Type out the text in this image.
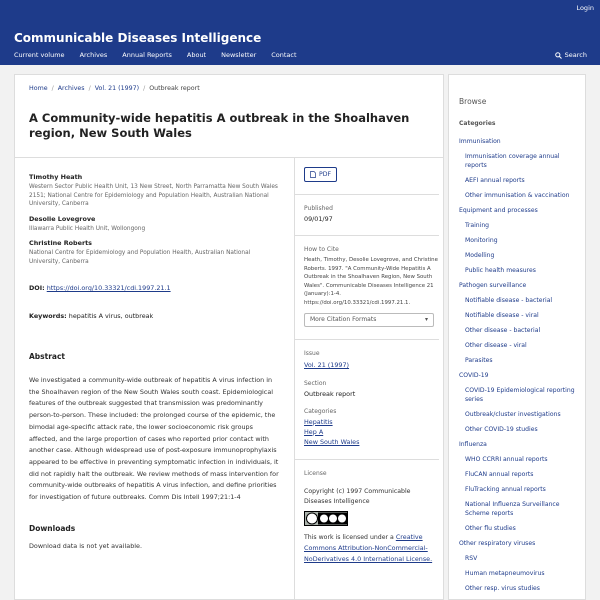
Login
Communicable Diseases Intelligence
Current volume Archives Annual Reports About Newsletter Contact	Search
Home / Archives / Vol. 21 (1997) / Outbreak report
A Community-wide hepatitis A outbreak in the Shoalhaven region, New South Wales
Timothy Heath
Western Sector Public Health Unit, 13 New Street, North Parramatta New South Wales 2151; National Centre for Epidemiology and Population Health, Australian National University, Canberra
Desolie Lovegrove
Illawarra Public Health Unit, Wollongong
Christine Roberts
National Centre for Epidemiology and Population Health, Australian National University, Canberra
DOI: https://doi.org/10.33321/cdi.1997.21.1
Keywords: hepatitis A virus, outbreak
Abstract

We investigated a community-wide outbreak of hepatitis A virus infection in the Shoalhaven region of the New South Wales south coast. Epidemiological features of the outbreak suggested that transmission was predominantly person-to-person. These included: the prolonged course of the epidemic, the bimodal age-specific attack rate, the lower socioeconomic risk groups affected, and the large proportion of cases who reported prior contact with another case. Although widespread use of post-exposure immunoprophylaxis appeared to be effective in preventing symptomatic infection in individuals, it did not rapidly halt the outbreak. We review methods of mass intervention for community-wide outbreaks of hepatitis A virus infection, and define priorities for investigation of future outbreaks. Comm Dis Intell 1997;21:1-4

Downloads
Download data is not yet available.
PDF
Published
09/01/97
How to Cite
Heath, Timothy, Desolie Lovegrove, and Christine Roberts. 1997. "A Community-Wide Hepatitis A Outbreak in the Shoalhaven Region, New South Wales". Communicable Diseases Intelligence 21 (January):1-4. https://doi.org/10.33321/cdi.1997.21.1.
More Citation Formats	▾
Issue
Vol. 21 (1997)
Section
Outbreak report
Categories
Hepatitis
Hep A
New South Wales
License
Copyright (c) 1997 Communicable Diseases Intelligence
This work is licensed under a Creative Commons Attribution-NonCommercial-NoDerivatives 4.0 International License.
Browse
Categories
Immunisation
Immunisation coverage annual reports
AEFI annual reports
Other immunisation & vaccination
Equipment and processes
Training
Monitoring
Modelling
Public health measures
Pathogen surveillance
Notifiable disease - bacterial
Notifiable disease - viral
Other disease - bacterial
Other disease - viral
Parasites
COVID-19
COVID-19 Epidemiological reporting series
Outbreak/cluster investigations
Other COVID-19 studies
Influenza
WHO CCRRI annual reports
FluCAN annual reports
FluTracking annual reports
National Influenza Surveillance Scheme reports
Other flu studies
Other respiratory viruses
RSV
Human metapneumovirus
Other resp. virus studies
